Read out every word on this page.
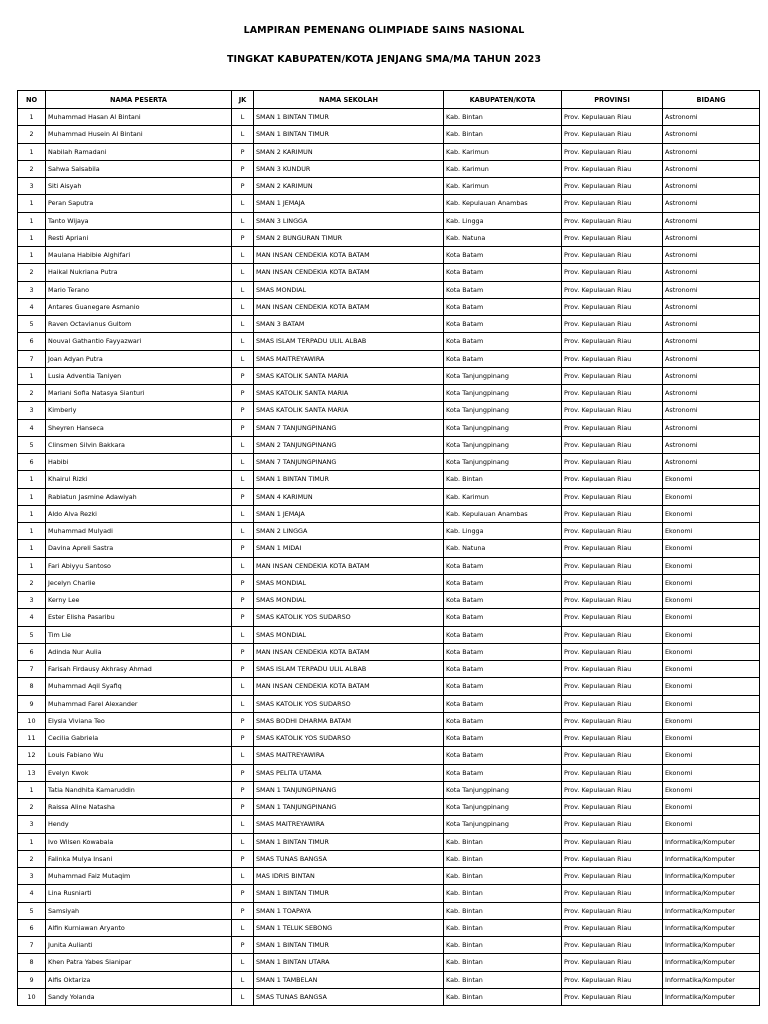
LAMPIRAN PEMENANG OLIMPIADE SAINS NASIONAL
TINGKAT KABUPATEN/KOTA JENJANG SMA/MA TAHUN 2023
NO	NAMA PESERTA	JK	NAMA SEKOLAH	KABUPATEN/KOTA	PROVINSI	BIDANG
1	Muhammad Hasan Al Bintani	L	SMAN 1 BINTAN TIMUR	Kab. Bintan	Prov. Kepulauan Riau	Astronomi
2	Muhammad Husein Al Bintani	L	SMAN 1 BINTAN TIMUR	Kab. Bintan	Prov. Kepulauan Riau	Astronomi
1	Nabilah Ramadani	P	SMAN 2 KARIMUN	Kab. Karimun	Prov. Kepulauan Riau	Astronomi
2	Sahwa Salsabila	P	SMAN 3 KUNDUR	Kab. Karimun	Prov. Kepulauan Riau	Astronomi
3	Siti Aisyah	P	SMAN 2 KARIMUN	Kab. Karimun	Prov. Kepulauan Riau	Astronomi
1	Peran Saputra	L	SMAN 1 JEMAJA	Kab. Kepulauan Anambas	Prov. Kepulauan Riau	Astronomi
1	Tanto Wijaya	L	SMAN 3 LINGGA	Kab. Lingga	Prov. Kepulauan Riau	Astronomi
1	Resti Apriani	P	SMAN 2 BUNGURAN TIMUR	Kab. Natuna	Prov. Kepulauan Riau	Astronomi
1	Maulana Habibie Alghifari	L	MAN INSAN CENDEKIA KOTA BATAM	Kota Batam	Prov. Kepulauan Riau	Astronomi
2	Haikal Nukriana Putra	L	MAN INSAN CENDEKIA KOTA BATAM	Kota Batam	Prov. Kepulauan Riau	Astronomi
3	Mario Terano	L	SMAS MONDIAL	Kota Batam	Prov. Kepulauan Riau	Astronomi
4	Antares Guanegare Asmanio	L	MAN INSAN CENDEKIA KOTA BATAM	Kota Batam	Prov. Kepulauan Riau	Astronomi
5	Raven Octavianus Gultom	L	SMAN 3 BATAM	Kota Batam	Prov. Kepulauan Riau	Astronomi
6	Nouval Gathantio Fayyazwari	L	SMAS ISLAM TERPADU ULIL ALBAB	Kota Batam	Prov. Kepulauan Riau	Astronomi
7	Joan Adyan Putra	L	SMAS MAITREYAWIRA	Kota Batam	Prov. Kepulauan Riau	Astronomi
1	Lusia Adventia Taniyen	P	SMAS KATOLIK SANTA MARIA	Kota Tanjungpinang	Prov. Kepulauan Riau	Astronomi
2	Mariani Sofia Natasya Sianturi	P	SMAS KATOLIK SANTA MARIA	Kota Tanjungpinang	Prov. Kepulauan Riau	Astronomi
3	Kimberly	P	SMAS KATOLIK SANTA MARIA	Kota Tanjungpinang	Prov. Kepulauan Riau	Astronomi
4	Sheyren Hanseca	P	SMAN 7 TANJUNGPINANG	Kota Tanjungpinang	Prov. Kepulauan Riau	Astronomi
5	Clinsmen Silvin Bakkara	L	SMAN 2 TANJUNGPINANG	Kota Tanjungpinang	Prov. Kepulauan Riau	Astronomi
6	Habibi	L	SMAN 7 TANJUNGPINANG	Kota Tanjungpinang	Prov. Kepulauan Riau	Astronomi
1	Khairul Rizki	L	SMAN 1 BINTAN TIMUR	Kab. Bintan	Prov. Kepulauan Riau	Ekonomi
1	Rabiatun Jasmine Adawiyah	P	SMAN 4 KARIMUN	Kab. Karimun	Prov. Kepulauan Riau	Ekonomi
1	Aldo Alva Rezki	L	SMAN 1 JEMAJA	Kab. Kepulauan Anambas	Prov. Kepulauan Riau	Ekonomi
1	Muhammad Mulyadi	L	SMAN 2 LINGGA	Kab. Lingga	Prov. Kepulauan Riau	Ekonomi
1	Davina Apreli Sastra	P	SMAN 1 MIDAI	Kab. Natuna	Prov. Kepulauan Riau	Ekonomi
1	Fari Abiyyu Santoso	L	MAN INSAN CENDEKIA KOTA BATAM	Kota Batam	Prov. Kepulauan Riau	Ekonomi
2	Jecelyn Charlie	P	SMAS MONDIAL	Kota Batam	Prov. Kepulauan Riau	Ekonomi
3	Kerny Lee	P	SMAS MONDIAL	Kota Batam	Prov. Kepulauan Riau	Ekonomi
4	Ester Elisha Pasaribu	P	SMAS KATOLIK YOS SUDARSO	Kota Batam	Prov. Kepulauan Riau	Ekonomi
5	Tim Lie	L	SMAS MONDIAL	Kota Batam	Prov. Kepulauan Riau	Ekonomi
6	Adinda Nur Aulia	P	MAN INSAN CENDEKIA KOTA BATAM	Kota Batam	Prov. Kepulauan Riau	Ekonomi
7	Farisah Firdausy Akhrasy Ahmad	P	SMAS ISLAM TERPADU ULIL ALBAB	Kota Batam	Prov. Kepulauan Riau	Ekonomi
8	Muhammad Aqil Syafiq	L	MAN INSAN CENDEKIA KOTA BATAM	Kota Batam	Prov. Kepulauan Riau	Ekonomi
9	Muhammad Farel Alexander	L	SMAS KATOLIK YOS SUDARSO	Kota Batam	Prov. Kepulauan Riau	Ekonomi
10	Elysia Viviana Teo	P	SMAS BODHI DHARMA BATAM	Kota Batam	Prov. Kepulauan Riau	Ekonomi
11	Cecilia Gabriela	P	SMAS KATOLIK YOS SUDARSO	Kota Batam	Prov. Kepulauan Riau	Ekonomi
12	Louis Fabiano Wu	L	SMAS MAITREYAWIRA	Kota Batam	Prov. Kepulauan Riau	Ekonomi
13	Evelyn Kwok	P	SMAS PELITA UTAMA	Kota Batam	Prov. Kepulauan Riau	Ekonomi
1	Tatia Nandhita Kamaruddin	P	SMAN 1 TANJUNGPINANG	Kota Tanjungpinang	Prov. Kepulauan Riau	Ekonomi
2	Raissa Aline Natasha	P	SMAN 1 TANJUNGPINANG	Kota Tanjungpinang	Prov. Kepulauan Riau	Ekonomi
3	Hendy	L	SMAS MAITREYAWIRA	Kota Tanjungpinang	Prov. Kepulauan Riau	Ekonomi
1	Ivo Wilsen Kowabala	L	SMAN 1 BINTAN TIMUR	Kab. Bintan	Prov. Kepulauan Riau	Informatika/Komputer
2	Falinka Mulya Insani	P	SMAS TUNAS BANGSA	Kab. Bintan	Prov. Kepulauan Riau	Informatika/Komputer
3	Muhammad Faiz Mutaqim	L	MAS IDRIS BINTAN	Kab. Bintan	Prov. Kepulauan Riau	Informatika/Komputer
4	Lina Rusniarti	P	SMAN 1 BINTAN TIMUR	Kab. Bintan	Prov. Kepulauan Riau	Informatika/Komputer
5	Samsiyah	P	SMAN 1 TOAPAYA	Kab. Bintan	Prov. Kepulauan Riau	Informatika/Komputer
6	Alfin Kurniawan Aryanto	L	SMAN 1 TELUK SEBONG	Kab. Bintan	Prov. Kepulauan Riau	Informatika/Komputer
7	Junita Aulianti	P	SMAN 1 BINTAN TIMUR	Kab. Bintan	Prov. Kepulauan Riau	Informatika/Komputer
8	Khen Patra Yabes Sianipar	L	SMAN 1 BINTAN UTARA	Kab. Bintan	Prov. Kepulauan Riau	Informatika/Komputer
9	Alfis Oktariza	L	SMAN 1 TAMBELAN	Kab. Bintan	Prov. Kepulauan Riau	Informatika/Komputer
10	Sandy Yolanda	L	SMAS TUNAS BANGSA	Kab. Bintan	Prov. Kepulauan Riau	Informatika/Komputer
